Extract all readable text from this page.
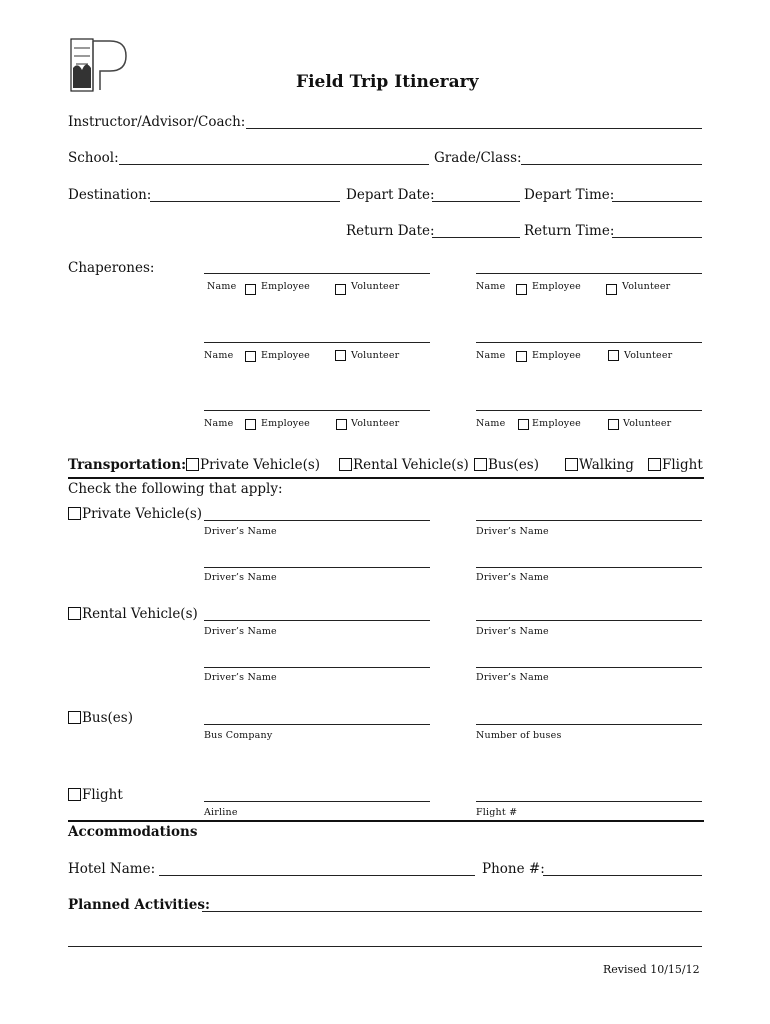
Field Trip Itinerary
Instructor/Advisor/Coach:
School:	Grade/Class:
Destination:	Depart Date:	Depart Time:
Return Date:	Return Time:
Chaperones:
Name	Employee	Volunteer	Name	Employee	Volunteer
Name	Employee	Volunteer	Name	Employee	Volunteer
Name	Employee	Volunteer	Name	Employee	Volunteer
Transportation: Private Vehicle(s) Rental Vehicle(s) Bus(es)	Walking Flight
Check the following that apply:
Private Vehicle(s)
Driver’s Name	Driver’s Name
Driver’s Name	Driver’s Name
Rental Vehicle(s)
Driver’s Name	Driver’s Name
Driver’s Name	Driver’s Name
Bus(es)
Bus Company	Number of buses
Flight
Airline	Flight #
Accommodations
Hotel Name:	Phone #:
Planned Activities:
Revised 10/15/12
